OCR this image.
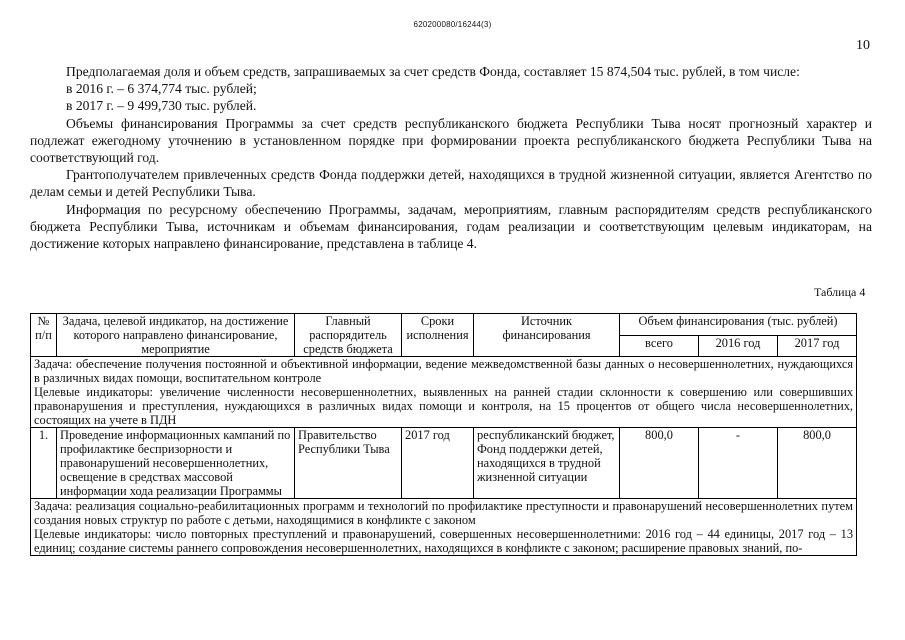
620200080/16244(3)
10

Предполагаемая доля и объем средств, запрашиваемых за счет средств Фонда, составляет 15 874,504 тыс. рублей, в том числе:

в 2016 г. – 6 374,774 тыс. рублей;

в 2017 г. – 9 499,730 тыс. рублей.

Объемы финансирования Программы за счет средств республиканского бюджета Республики Тыва носят прогнозный характер и подлежат ежегодному уточнению в установленном порядке при формировании проекта республиканского бюджета Республики Тыва на соответствующий год.

Грантополучателем привлеченных средств Фонда поддержки детей, находящихся в трудной жизненной ситуации, является Агентство по делам семьи и детей Республики Тыва.

Информация по ресурсному обеспечению Программы, задачам, мероприятиям, главным распорядителям средств республиканского бюджета Республики Тыва, источникам и объемам финансирования, годам реализации и соответствующим целевым индикаторам, на достижение которых направлено финансирование, представлена в таблице 4.

Таблица 4
№ п/п	Задача, целевой индикатор, на достижение которого направлено финансирование, мероприятие	Главный распорядитель средств бюджета	Сроки исполнения	Источник финансирования	Объем финансирования (тыс. рублей)		
					всего	2016 год	2017 год

Задача: обеспечение получения постоянной и объективной информации, ведение межведомственной базы данных о несовершеннолетних, нуждающихся в различных видах помощи, воспитательном контроле
Целевые индикаторы: увеличение численности несовершеннолетних, выявленных на ранней стадии склонности к совершению или совершивших правонарушения и преступления, нуждающихся в различных видах помощи и контроля, на 15 процентов от общего числа несовершеннолетних, состоящих на учете в ПДН							

1.	Проведение информационных кампаний по профилактике беспризорности и правонарушений несовершеннолетних, освещение в средствах массовой информации хода реализации Программы	Правительство Республики Тыва	2017 год	республиканский бюджет, Фонд поддержки детей, находящихся в трудной жизненной ситуации	800,0	-	800,0

Задача: реализация социально-реабилитационных программ и технологий по профилактике преступности и правонарушений несовершеннолетних путем создания новых структур по работе с детьми, находящимися в конфликте с законом
Целевые индикаторы: число повторных преступлений и правонарушений, совершенных несовершеннолетними: 2016 год – 44 единицы, 2017 год – 13 единиц; создание системы раннего сопровождения несовершеннолетних, находящихся в конфликте с законом; расширение правовых знаний, по-							
